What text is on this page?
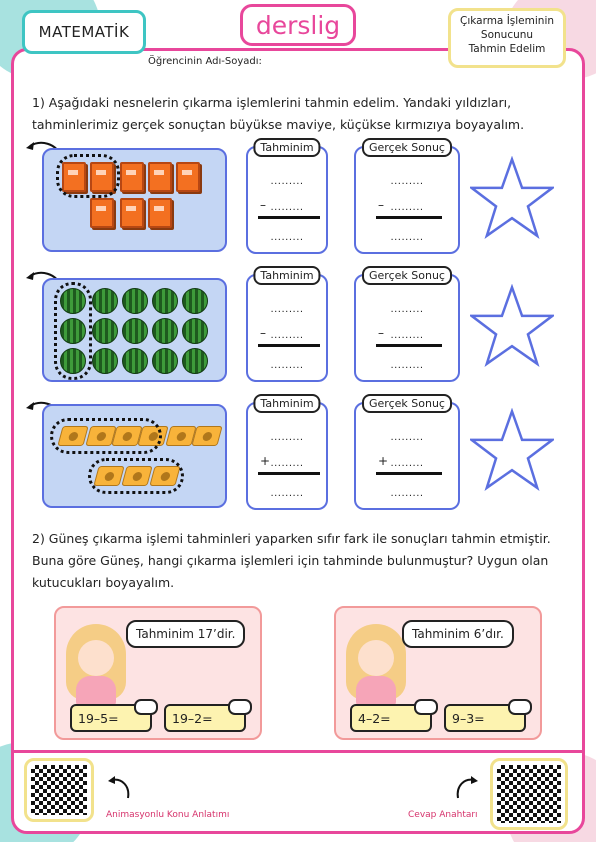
MATEMATİK	derslig	Çıkarma İşleminin
Sonucunu
Tahmin Edelim
Öğrencinin Adı-Soyadı:
1) Aşağıdaki nesnelerin çıkarma işlemlerini tahmin edelim. Yandaki yıldızları, tahminlerimiz gerçek sonuçtan büyükse maviye, küçükse kırmızıya boyayalım.
Tahminim
.........
– .........
.........
Gerçek Sonuç
.........
– .........
.........
Tahminim
.........
– .........
.........
Gerçek Sonuç
.........
– .........
.........
Tahminim
.........
+ .........
.........
Gerçek Sonuç
.........
+ .........
.........
2) Güneş çıkarma işlemi tahminleri yaparken sıfır fark ile sonuçları tahmin etmiştir. Buna göre Güneş, hangi çıkarma işlemleri için tahminde bulunmuştur? Uygun olan kutucukları boyayalım.
Tahminim 17’dir.
19–5=	19–2=
Tahminim 6’dır.
4–2=	9–3=
Animasyonlu Konu Anlatımı	Cevap Anahtarı
